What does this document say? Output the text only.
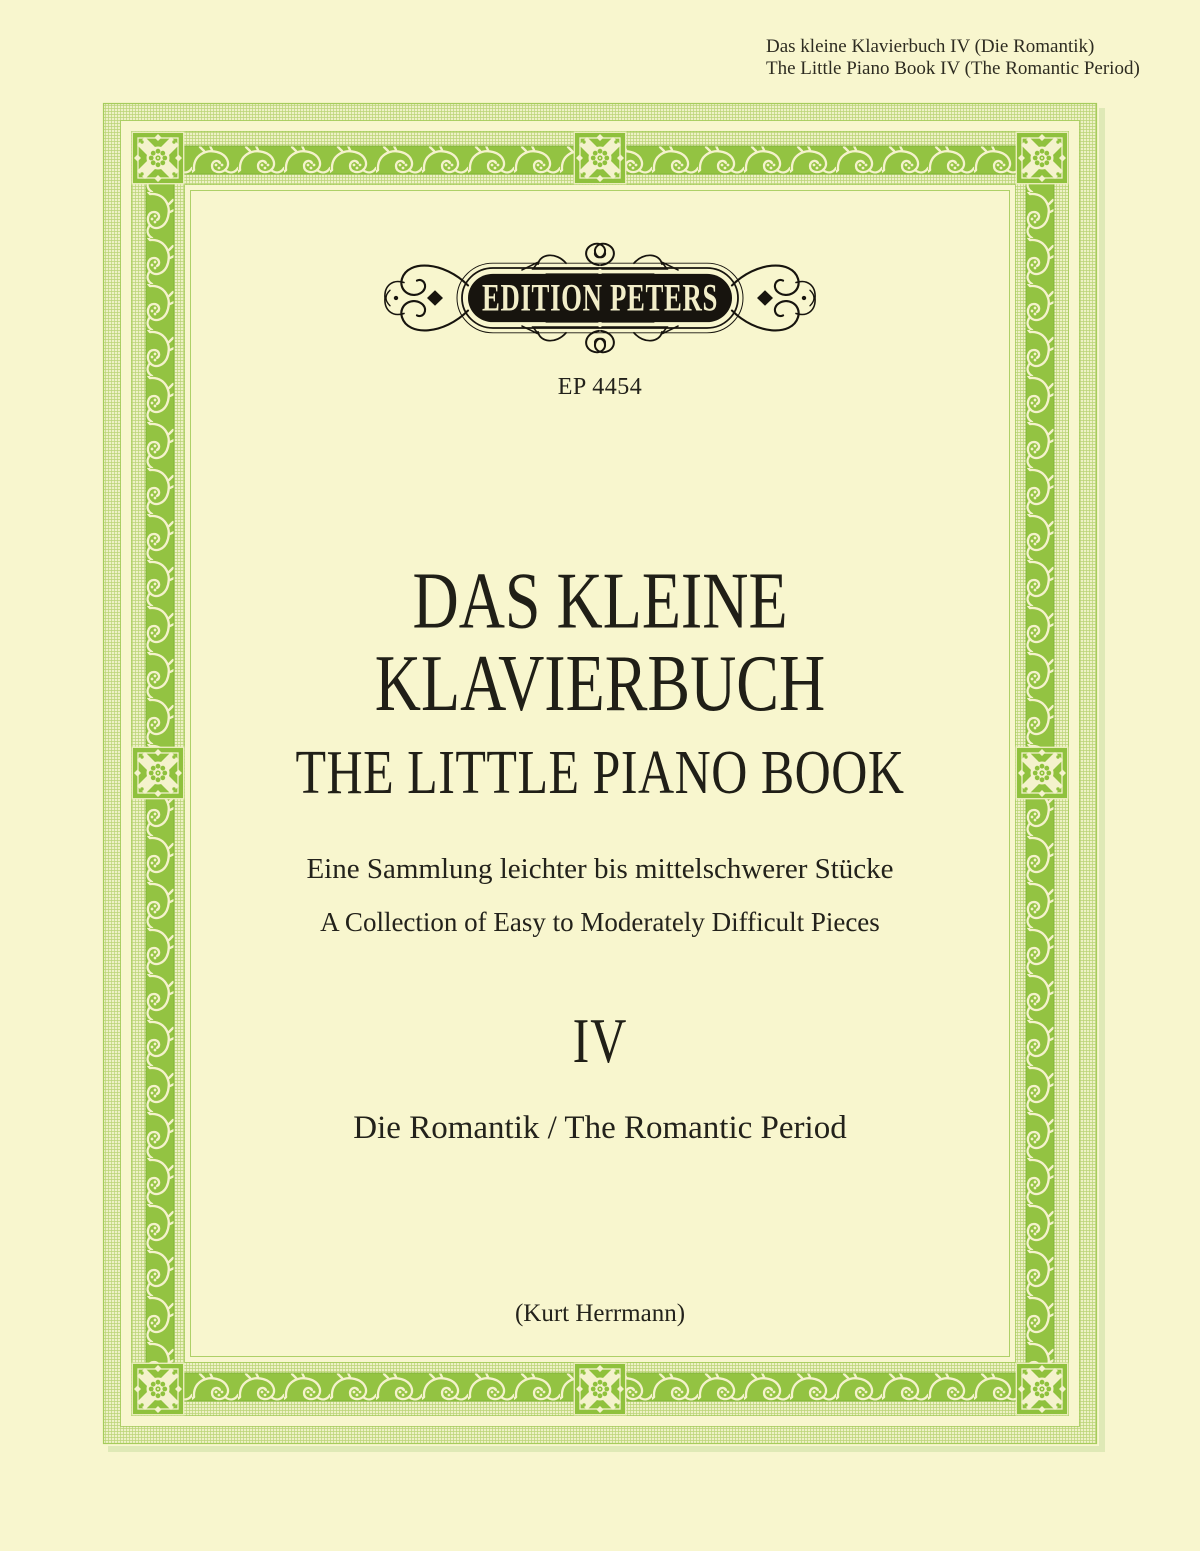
Das kleine Klavierbuch IV (Die Romantik)
The Little Piano Book IV (The Romantic Period)
EDITION PETERS
EP 4454
DAS KLEINE
KLAVIERBUCH
THE LITTLE PIANO BOOK
Eine Sammlung leichter bis mittelschwerer Stücke
A Collection of Easy to Moderately Difficult Pieces
IV
Die Romantik / The Romantic Period
(Kurt Herrmann)
